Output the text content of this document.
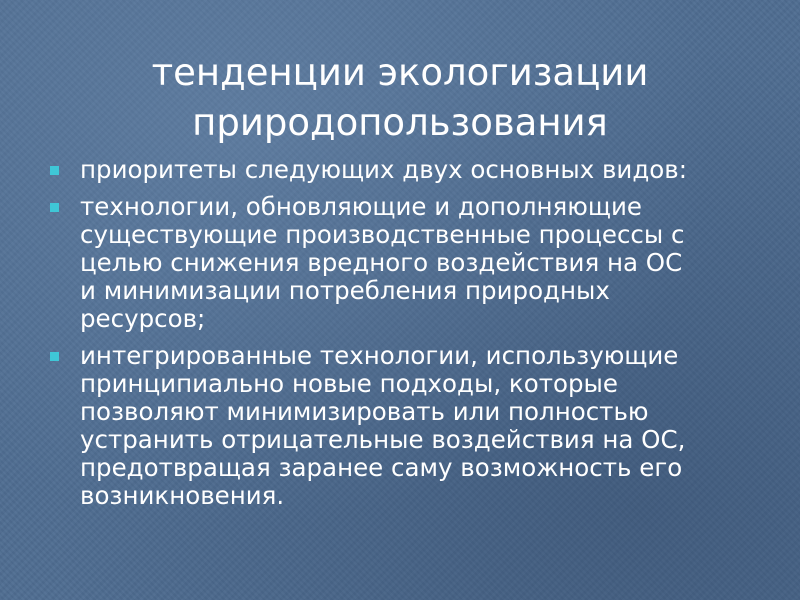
тенденции экологизации
природопользования
приоритеты следующих двух основных видов:
технологии, обновляющие и дополняющие
существующие производственные процессы с
целью снижения вредного воздействия на ОС
и минимизации потребления природных
ресурсов;
интегрированные технологии, использующие
принципиально новые подходы, которые
позволяют минимизировать или полностью
устранить отрицательные воздействия на ОС,
предотвращая заранее саму возможность его
возникновения.
